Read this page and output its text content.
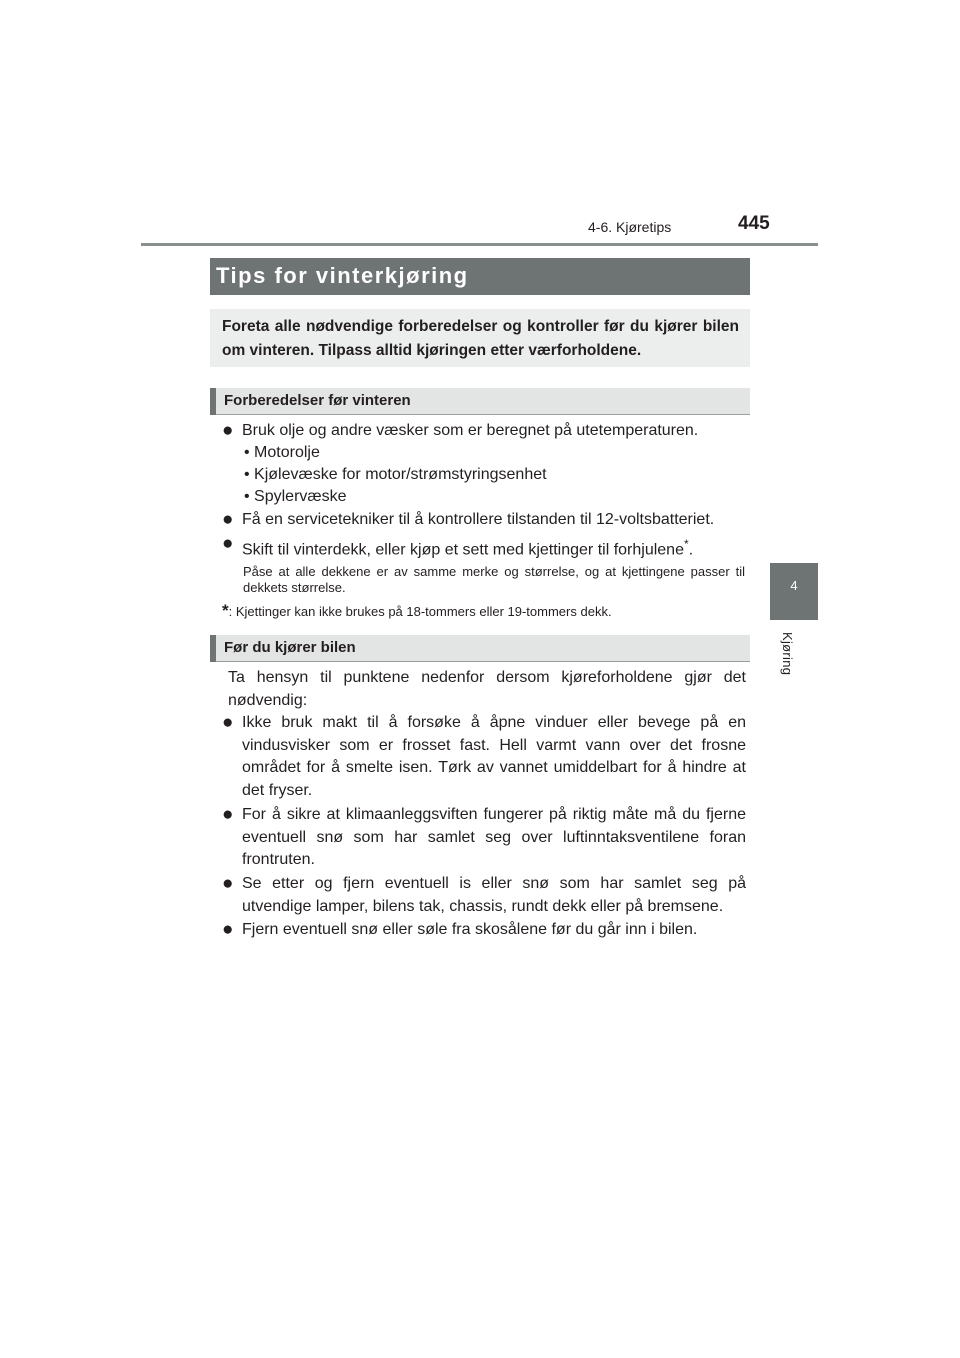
4-6. Kjøretips	445
4
Kjøring
Tips for vinterkjøring
Foreta alle nødvendige forberedelser og kontroller før du kjører bilen om vinteren. Tilpass alltid kjøringen etter værforholdene.
Forberedelser før vinteren
● Bruk olje og andre væsker som er beregnet på utetemperaturen.
• Motorolje
• Kjølevæske for motor/strømstyringsenhet
• Spylervæske
● Få en servicetekniker til å kontrollere tilstanden til 12-voltsbatteriet.
● Skift til vinterdekk, eller kjøp et sett med kjettinger til forhjulene*.
Påse at alle dekkene er av samme merke og størrelse, og at kjettingene passer til dekkets størrelse.
*: Kjettinger kan ikke brukes på 18-tommers eller 19-tommers dekk.
Før du kjører bilen
Ta hensyn til punktene nedenfor dersom kjøreforholdene gjør det nødvendig:
● Ikke bruk makt til å forsøke å åpne vinduer eller bevege på en vindusvisker som er frosset fast. Hell varmt vann over det frosne området for å smelte isen. Tørk av vannet umiddelbart for å hindre at det fryser.
● For å sikre at klimaanleggsviften fungerer på riktig måte må du fjerne eventuell snø som har samlet seg over luftinntaksventilene foran frontruten.
● Se etter og fjern eventuell is eller snø som har samlet seg på utvendige lamper, bilens tak, chassis, rundt dekk eller på bremsene.
● Fjern eventuell snø eller søle fra skosålene før du går inn i bilen.
